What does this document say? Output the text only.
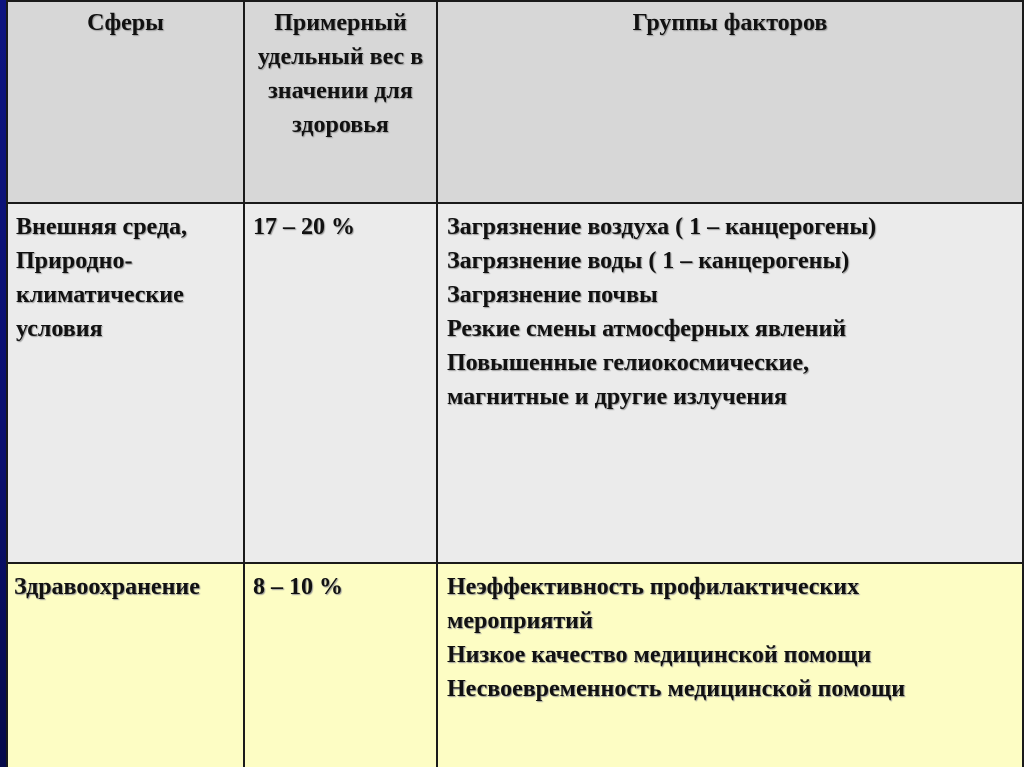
Сферы	Примерный удельный вес в значении для здоровья	Группы факторов

Внешняя среда, Природно-климатические условия	17 – 20 %	Загрязнение воздуха ( 1 – канцерогены)
Загрязнение воды ( 1 – канцерогены)
Загрязнение почвы
Резкие смены атмосферных явлений
Повышенные гелиокосмические, магнитные и другие излучения

Здравоохранение	8 – 10 %	Неэффективность профилактических мероприятий
Низкое качество медицинской помощи
Несвоевременность медицинской помощи
